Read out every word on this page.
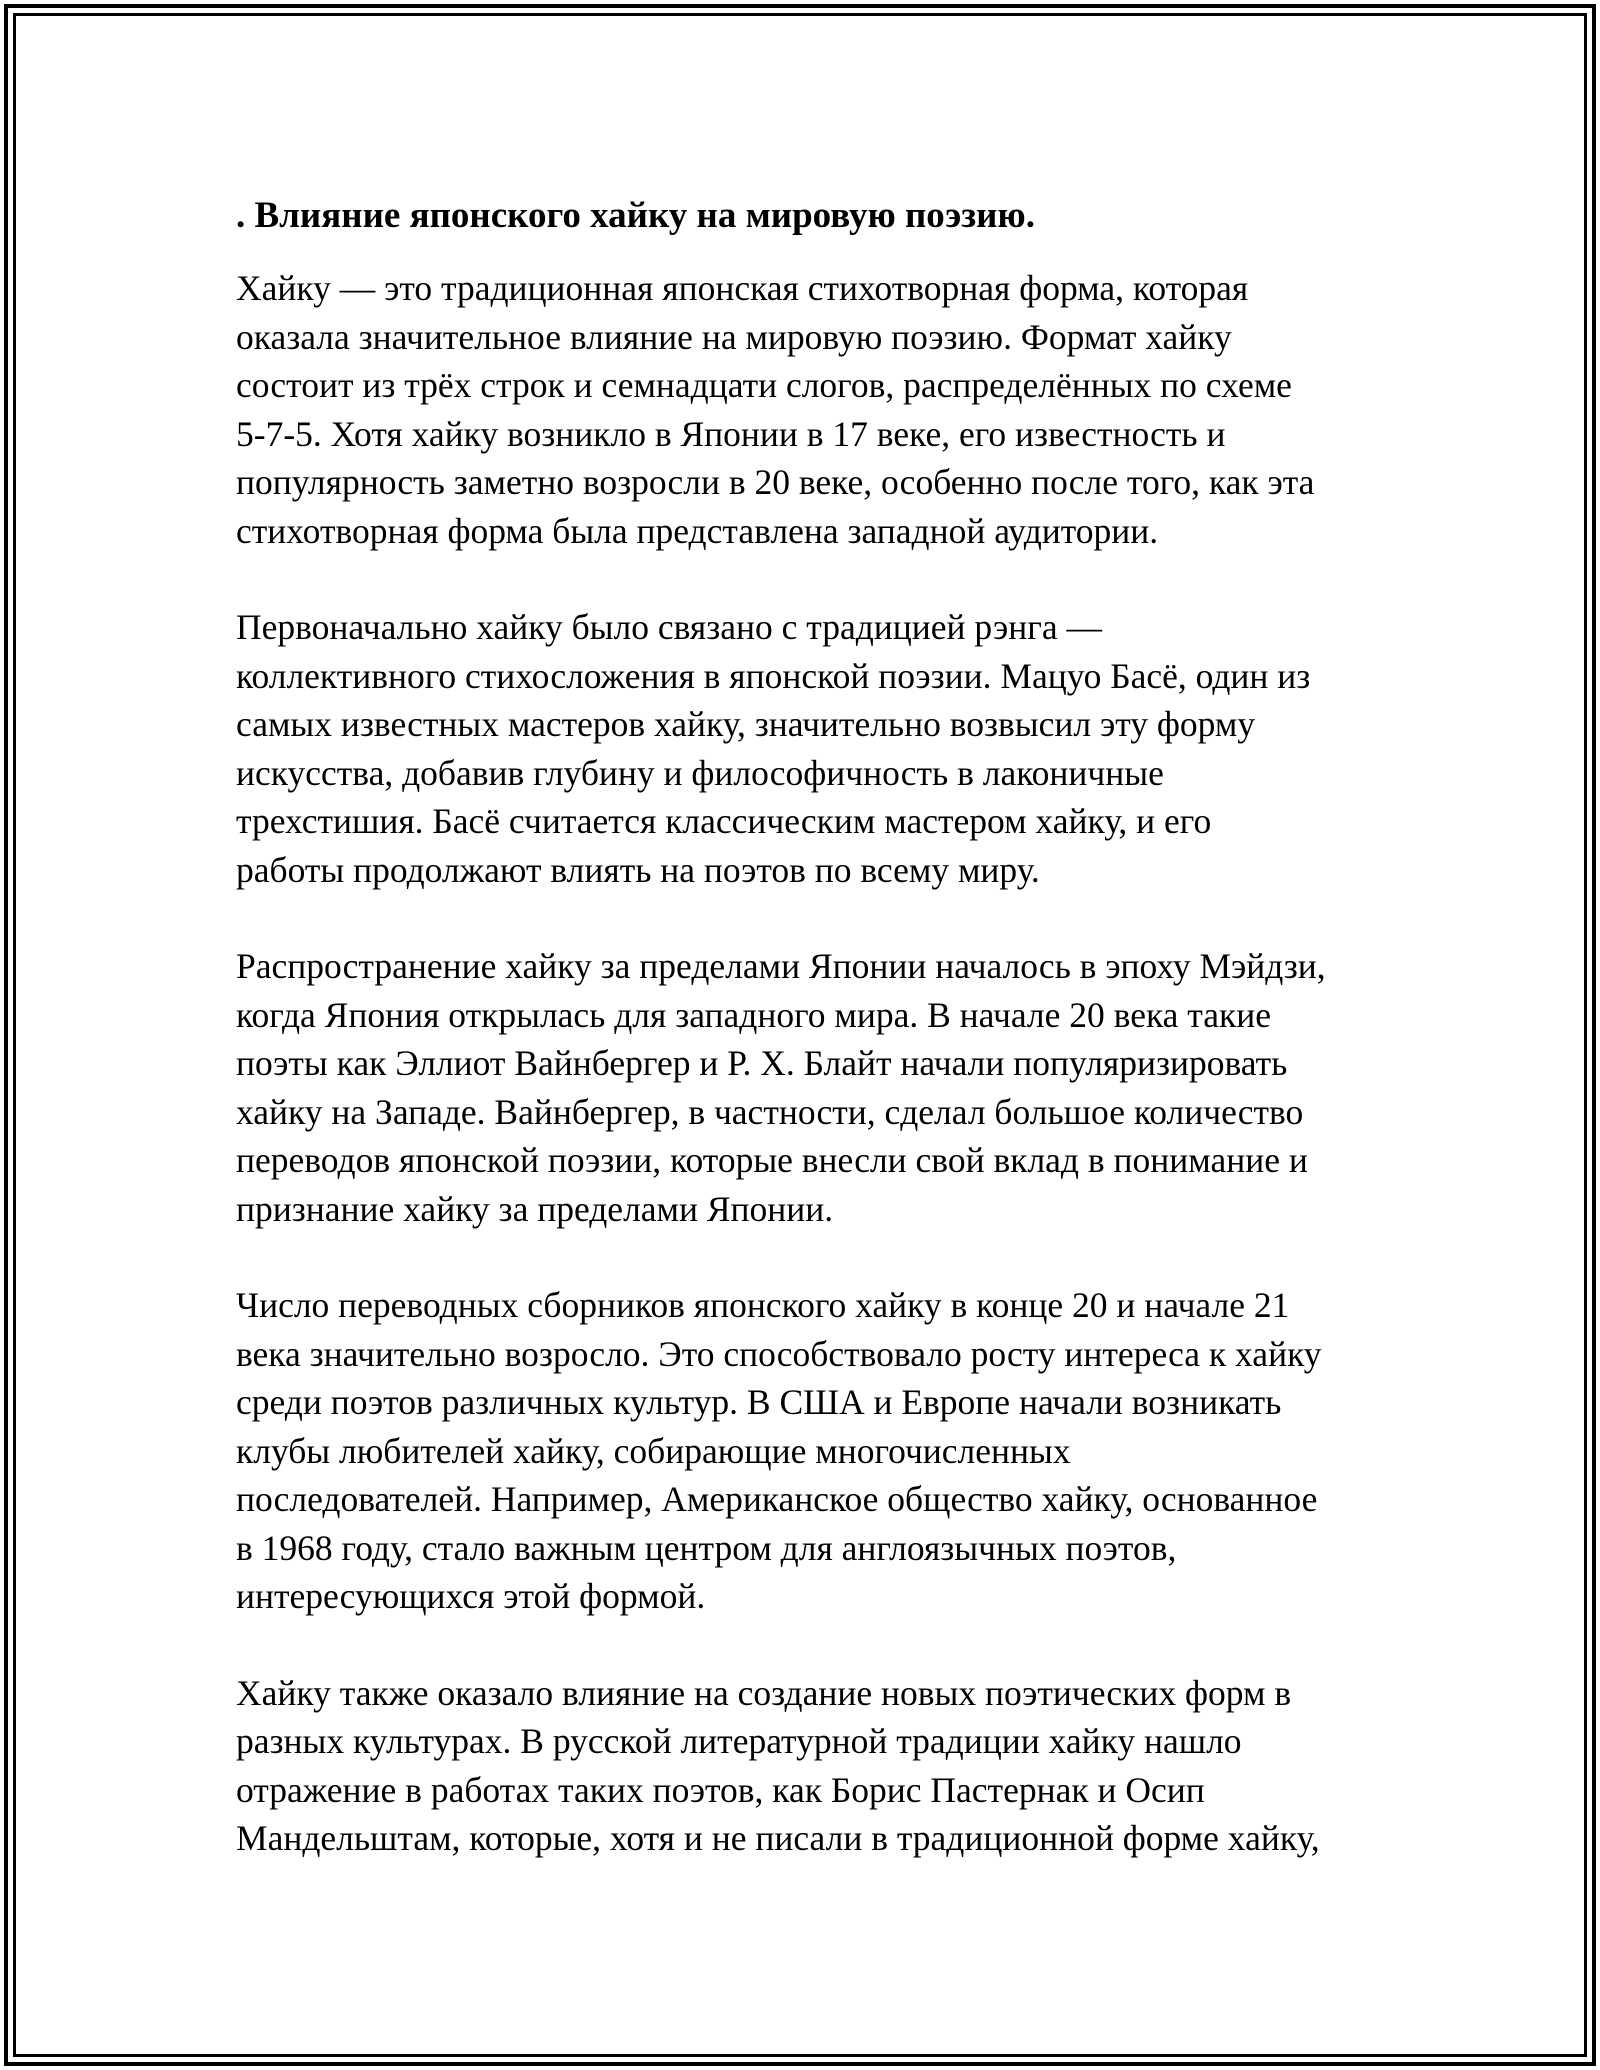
. Влияние японского хайку на мировую поэзию.

Хайку — это традиционная японская стихотворная форма, которая
оказала значительное влияние на мировую поэзию. Формат хайку
состоит из трёх строк и семнадцати слогов, распределённых по схеме
5-7-5. Хотя хайку возникло в Японии в 17 веке, его известность и
популярность заметно возросли в 20 веке, особенно после того, как эта
стихотворная форма была представлена западной аудитории.

Первоначально хайку было связано с традицией рэнга —
коллективного стихосложения в японской поэзии. Мацуо Басё, один из
самых известных мастеров хайку, значительно возвысил эту форму
искусства, добавив глубину и философичность в лаконичные
трехстишия. Басё считается классическим мастером хайку, и его
работы продолжают влиять на поэтов по всему миру.

Распространение хайку за пределами Японии началось в эпоху Мэйдзи,
когда Япония открылась для западного мира. В начале 20 века такие
поэты как Эллиот Вайнбергер и Р. Х. Блайт начали популяризировать
хайку на Западе. Вайнбергер, в частности, сделал большое количество
переводов японской поэзии, которые внесли свой вклад в понимание и
признание хайку за пределами Японии.

Число переводных сборников японского хайку в конце 20 и начале 21
века значительно возросло. Это способствовало росту интереса к хайку
среди поэтов различных культур. В США и Европе начали возникать
клубы любителей хайку, собирающие многочисленных
последователей. Например, Американское общество хайку, основанное
в 1968 году, стало важным центром для англоязычных поэтов,
интересующихся этой формой.

Хайку также оказало влияние на создание новых поэтических форм в
разных культурах. В русской литературной традиции хайку нашло
отражение в работах таких поэтов, как Борис Пастернак и Осип
Мандельштам, которые, хотя и не писали в традиционной форме хайку,
